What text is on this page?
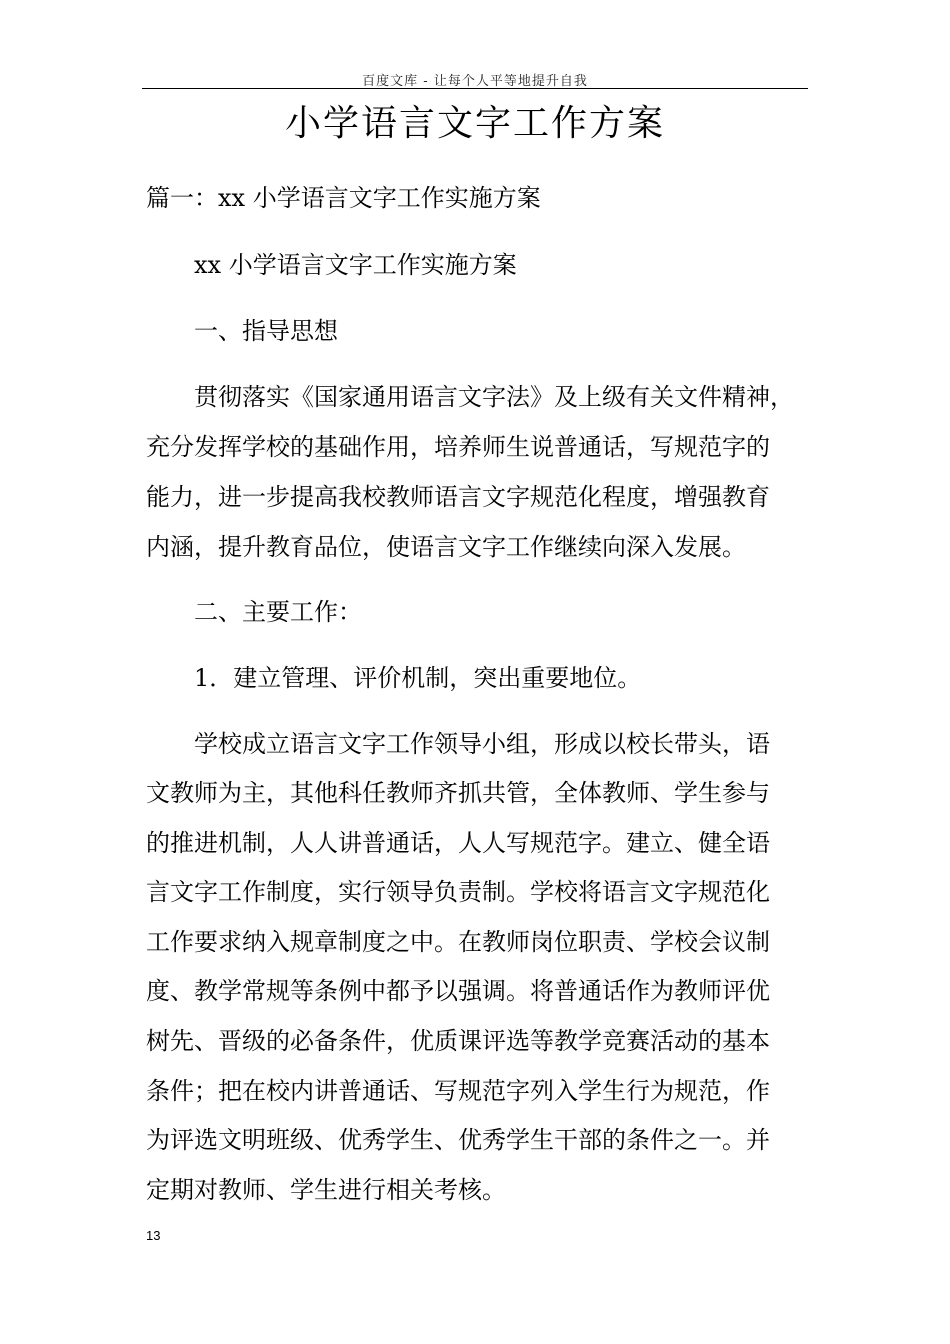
百度文库 - 让每个人平等地提升自我
小学语言文字工作方案
篇一：xx 小学语言文字工作实施方案
xx 小学语言文字工作实施方案
一、指导思想
贯彻落实《国家通用语言文字法》及上级有关文件精神，
充分发挥学校的基础作用，培养师生说普通话，写规范字的
能力，进一步提高我校教师语言文字规范化程度，增强教育
内涵，提升教育品位，使语言文字工作继续向深入发展。
二、主要工作：
1．建立管理、评价机制，突出重要地位。
学校成立语言文字工作领导小组，形成以校长带头，语
文教师为主，其他科任教师齐抓共管，全体教师、学生参与
的推进机制，人人讲普通话，人人写规范字。建立、健全语
言文字工作制度，实行领导负责制。学校将语言文字规范化
工作要求纳入规章制度之中。在教师岗位职责、学校会议制
度、教学常规等条例中都予以强调。将普通话作为教师评优
树先、晋级的必备条件，优质课评选等教学竞赛活动的基本
条件；把在校内讲普通话、写规范字列入学生行为规范，作
为评选文明班级、优秀学生、优秀学生干部的条件之一。并
定期对教师、学生进行相关考核。
13
